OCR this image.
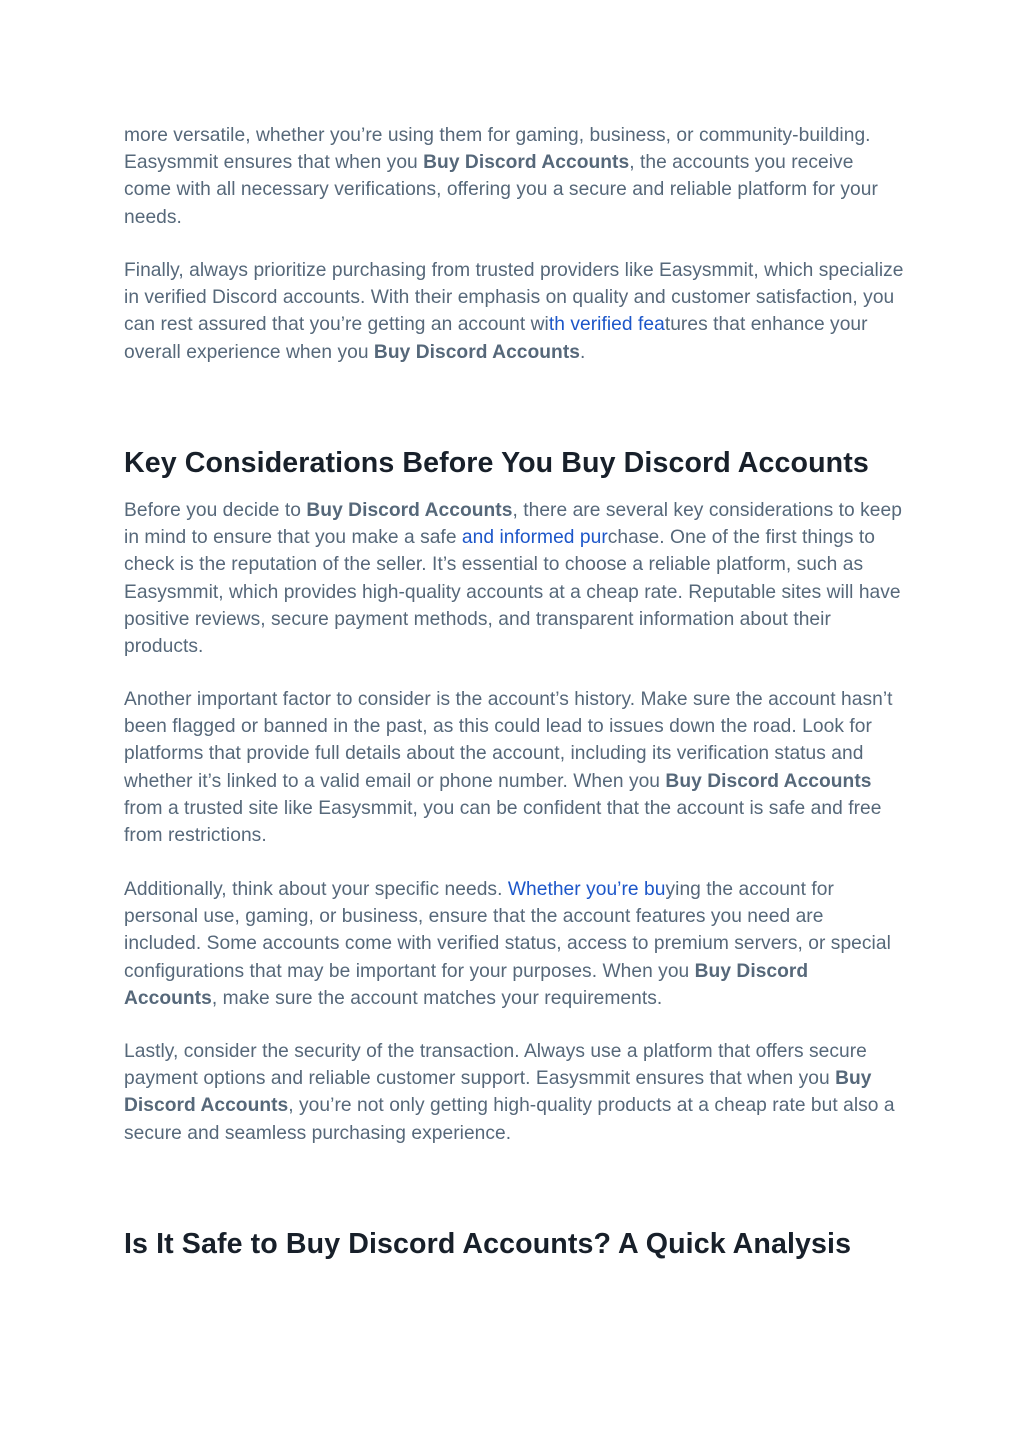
more versatile, whether you’re using them for gaming, business, or community-building. Easysmmit ensures that when you Buy Discord Accounts, the accounts you receive come with all necessary verifications, offering you a secure and reliable platform for your needs.

Finally, always prioritize purchasing from trusted providers like Easysmmit, which specialize in verified Discord accounts. With their emphasis on quality and customer satisfaction, you can rest assured that you’re getting an account with verified features that enhance your overall experience when you Buy Discord Accounts.

Key Considerations Before You Buy Discord Accounts

Before you decide to Buy Discord Accounts, there are several key considerations to keep in mind to ensure that you make a safe and informed purchase. One of the first things to check is the reputation of the seller. It’s essential to choose a reliable platform, such as Easysmmit, which provides high-quality accounts at a cheap rate. Reputable sites will have positive reviews, secure payment methods, and transparent information about their products.

Another important factor to consider is the account’s history. Make sure the account hasn’t been flagged or banned in the past, as this could lead to issues down the road. Look for platforms that provide full details about the account, including its verification status and whether it’s linked to a valid email or phone number. When you Buy Discord Accounts from a trusted site like Easysmmit, you can be confident that the account is safe and free from restrictions.

Additionally, think about your specific needs. Whether you’re buying the account for personal use, gaming, or business, ensure that the account features you need are included. Some accounts come with verified status, access to premium servers, or special configurations that may be important for your purposes. When you Buy Discord Accounts, make sure the account matches your requirements.

Lastly, consider the security of the transaction. Always use a platform that offers secure payment options and reliable customer support. Easysmmit ensures that when you Buy Discord Accounts, you’re not only getting high-quality products at a cheap rate but also a secure and seamless purchasing experience.

Is It Safe to Buy Discord Accounts? A Quick Analysis
